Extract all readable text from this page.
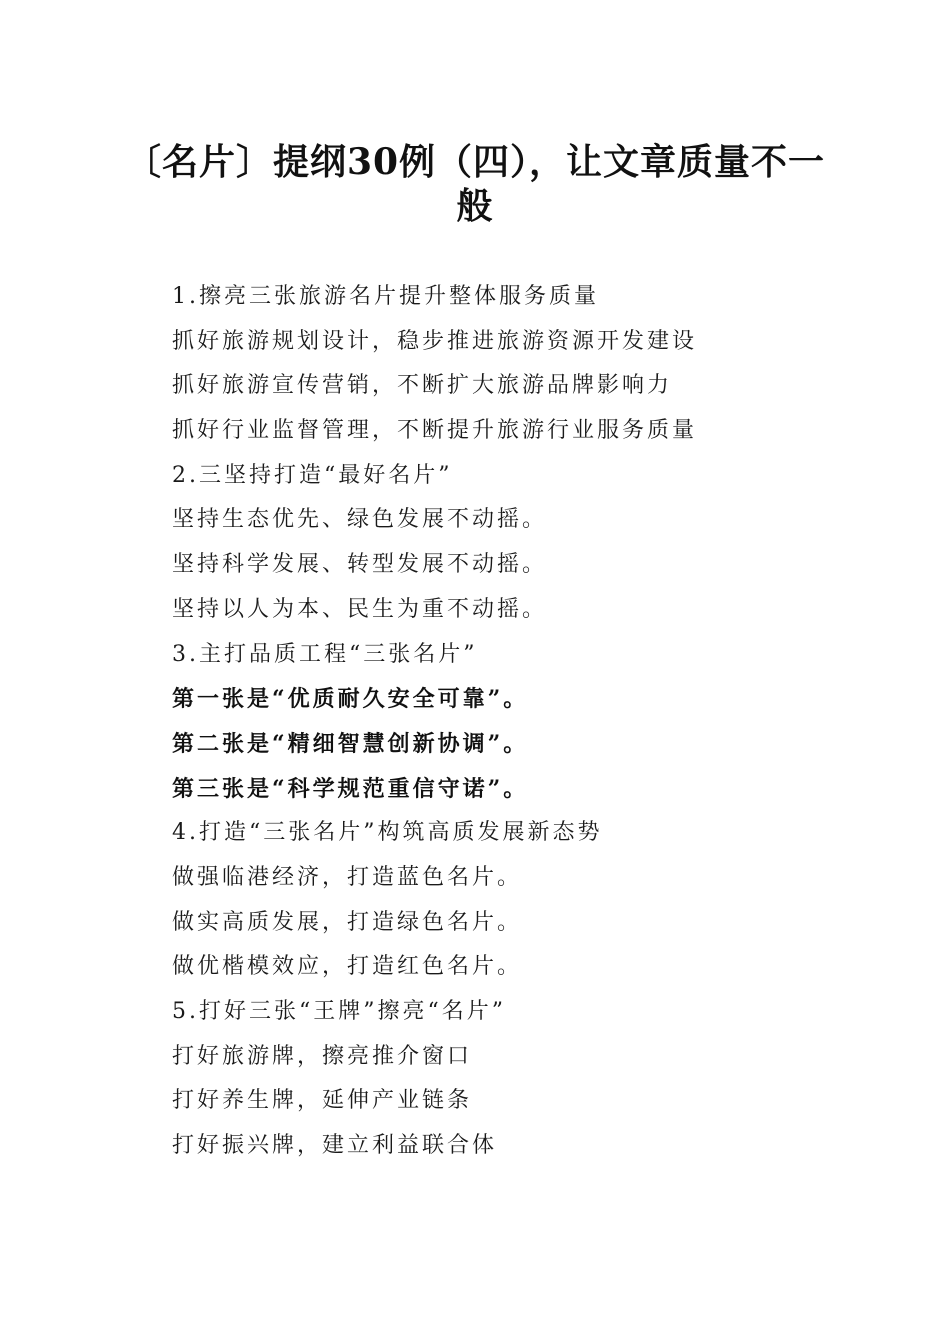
〔名片〕提纲30例（四），让文章质量不一
般
1.擦亮三张旅游名片提升整体服务质量
抓好旅游规划设计，稳步推进旅游资源开发建设
抓好旅游宣传营销，不断扩大旅游品牌影响力
抓好行业监督管理，不断提升旅游行业服务质量
2.三坚持打造“最好名片”
坚持生态优先、绿色发展不动摇。
坚持科学发展、转型发展不动摇。
坚持以人为本、民生为重不动摇。
3.主打品质工程“三张名片”
第一张是“优质耐久安全可靠”。
第二张是“精细智慧创新协调”。
第三张是“科学规范重信守诺”。
4.打造“三张名片”构筑高质发展新态势
做强临港经济，打造蓝色名片。
做实高质发展，打造绿色名片。
做优楷模效应，打造红色名片。
5.打好三张“王牌”擦亮“名片”
打好旅游牌，擦亮推介窗口
打好养生牌，延伸产业链条
打好振兴牌，建立利益联合体
